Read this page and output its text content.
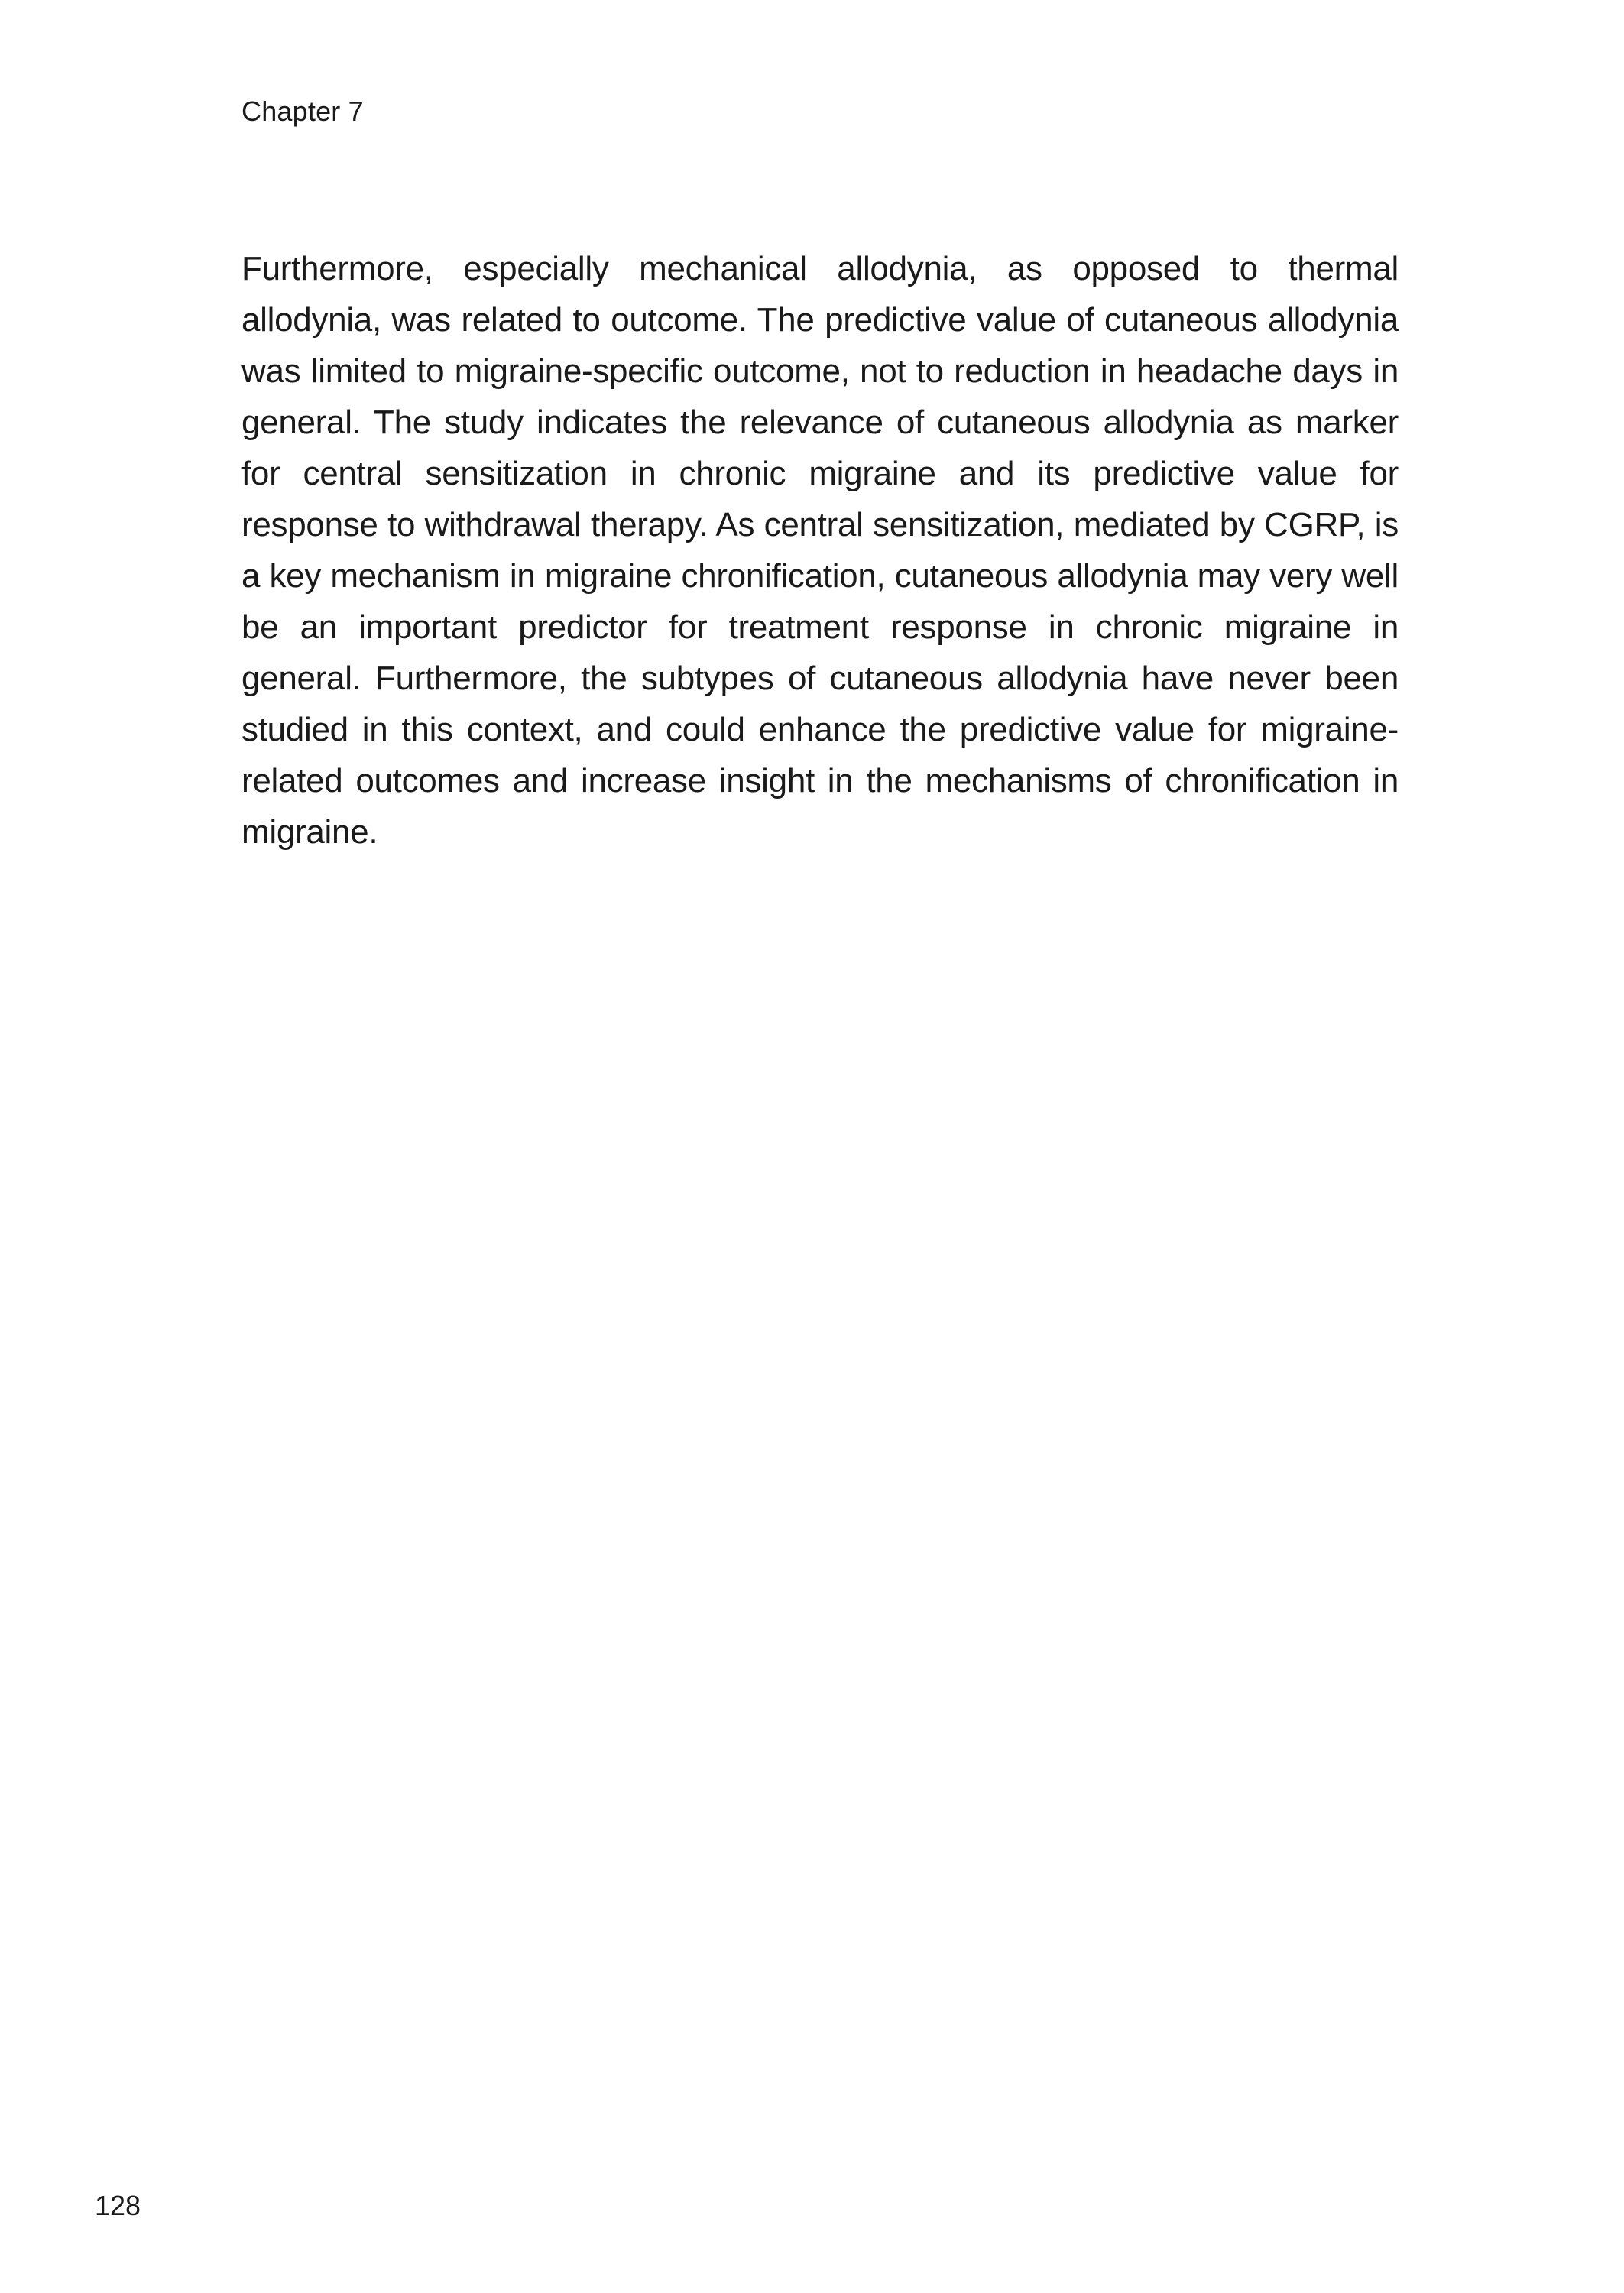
Chapter 7

Furthermore, especially mechanical allodynia, as opposed to thermal allodynia, was related to outcome. The predictive value of cutaneous allodynia was limited to migraine-specific outcome, not to reduction in headache days in general. The study indicates the relevance of cutaneous allodynia as marker for central sensitization in chronic migraine and its predictive value for response to withdrawal therapy. As central sensitization, mediated by CGRP, is a key mechanism in migraine chronification, cutaneous allodynia may very well be an important predictor for treatment response in chronic migraine in general. Furthermore, the subtypes of cutaneous allodynia have never been studied in this context, and could enhance the predictive value for migraine-related outcomes and increase insight in the mechanisms of chronification in migraine.

128
